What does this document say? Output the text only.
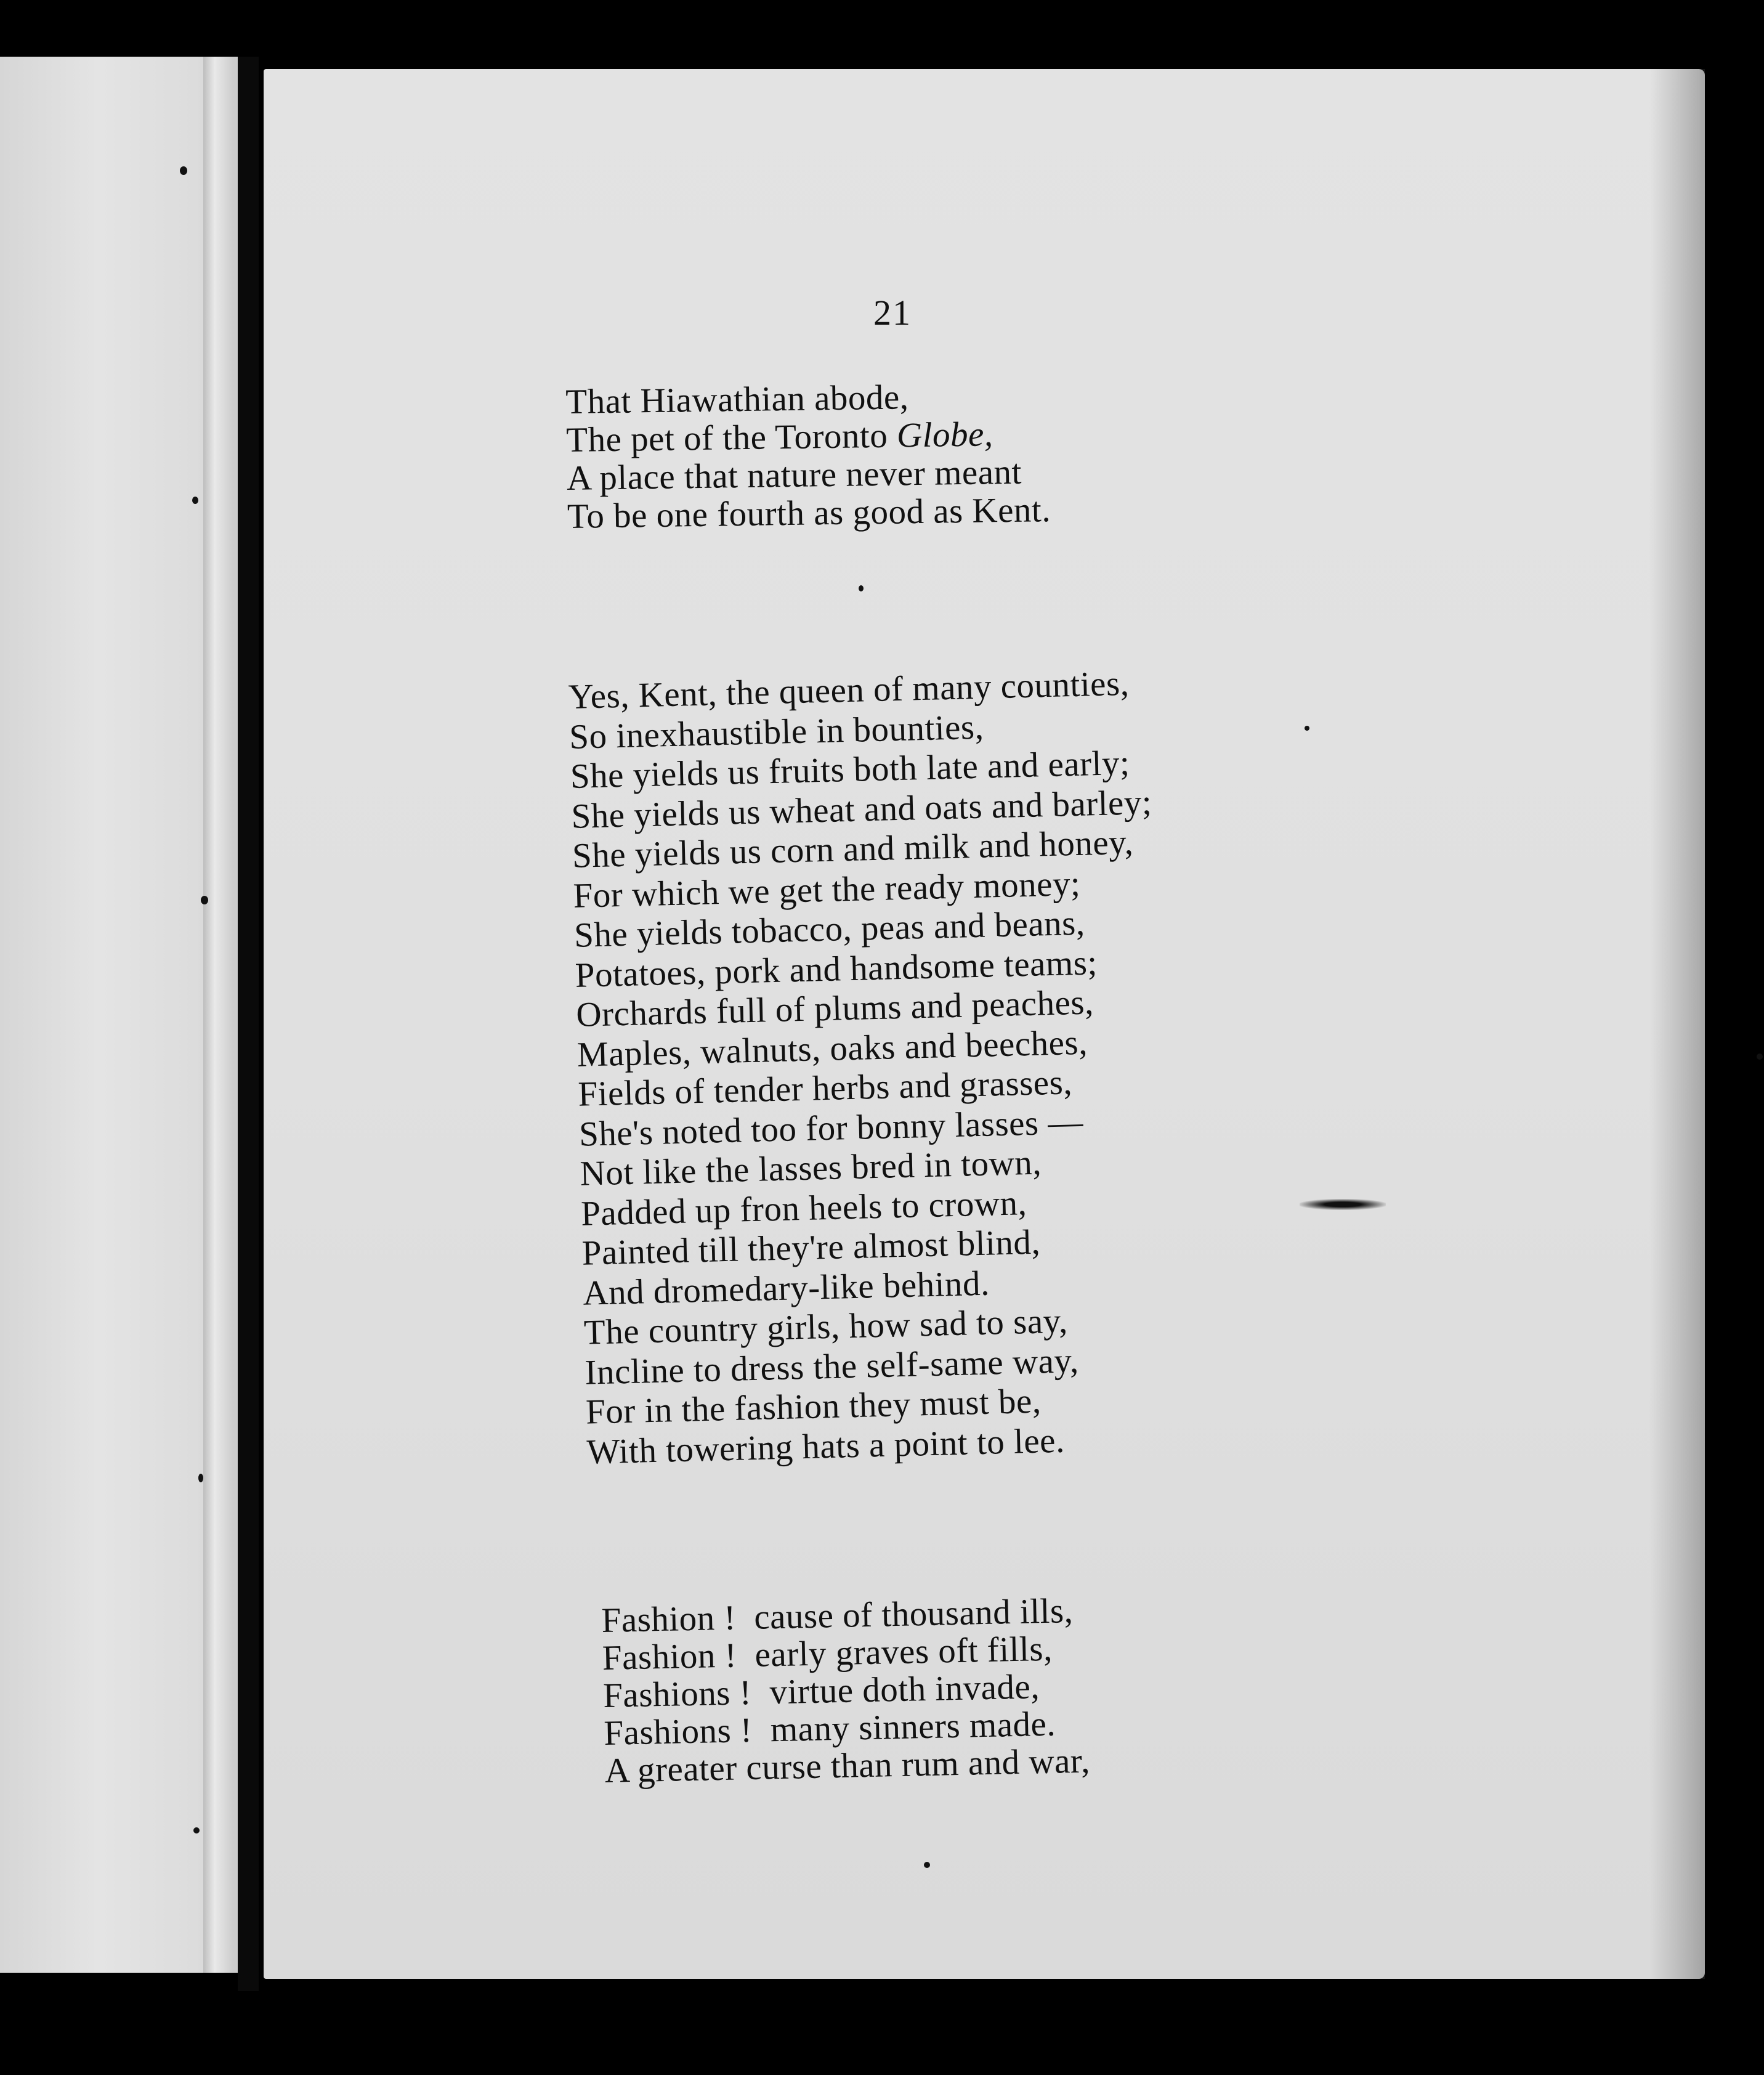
21
That Hiawathian abode,
The pet of the Toronto Globe,
A place that nature never meant
To be one fourth as good as Kent.
Yes, Kent, the queen of many counties,
So inexhaustible in bounties,
She yields us fruits both late and early;
She yields us wheat and oats and barley;
She yields us corn and milk and honey,
For which we get the ready money;
She yields tobacco, peas and beans,
Potatoes, pork and handsome teams;
Orchards full of plums and peaches,
Maples, walnuts, oaks and beeches,
Fields of tender herbs and grasses,
She's noted too for bonny lasses —
Not like the lasses bred in town,
Padded up fron heels to crown,
Painted till they're almost blind,
And dromedary-like behind.
The country girls, how sad to say,
Incline to dress the self-same way,
For in the fashion they must be,
With towering hats a point to lee.
Fashion !  cause of thousand ills,
Fashion !  early graves oft fills,
Fashions !  virtue doth invade,
Fashions !  many sinners made.
A greater curse than rum and war,
